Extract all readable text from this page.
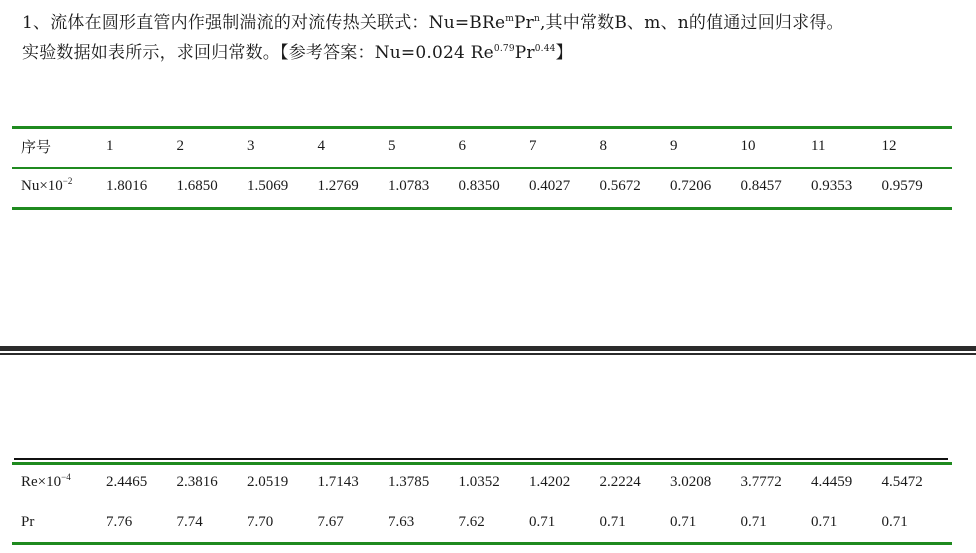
1、流体在圆形直管内作强制湍流的对流传热关联式：$Nu=BRe^mPr^n$,其中常数B、m、n的值通过回归求得。
实验数据如表所示，求回归常数。【参考答案：Nu=0.024 $Re^{0.79}Pr^{0.44}$】
序号	1	2	3	4	5	6	7	8	9	10	11	12
$Nu\times 10^{-2}$	1.8016	1.6850	1.5069	1.2769	1.0783	0.8350	0.4027	0.5672	0.7206	0.8457	0.9353	0.9579
$Re\times 10^{-4}$	2.4465	2.3816	2.0519	1.7143	1.3785	1.0352	1.4202	2.2224	3.0208	3.7772	4.4459	4.5472
Pr	7.76	7.74	7.70	7.67	7.63	7.62	0.71	0.71	0.71	0.71	0.71	0.71
